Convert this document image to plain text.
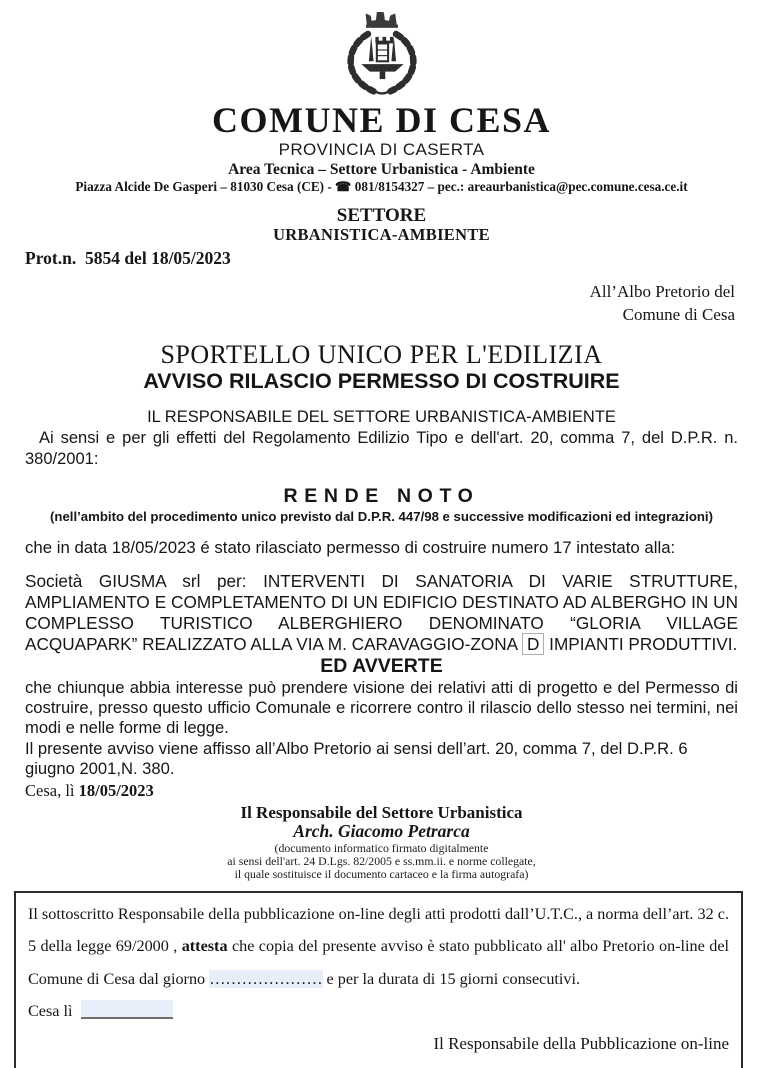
COMUNE DI CESA
PROVINCIA DI CASERTA
Area Tecnica – Settore Urbanistica - Ambiente
Piazza Alcide De Gasperi – 81030 Cesa (CE) - ☎ 081/8154327 – pec.: areaurbanistica@pec.comune.cesa.ce.it
SETTORE
URBANISTICA-AMBIENTE
Prot.n.  5854 del 18/05/2023
All’Albo Pretorio del
Comune di Cesa
SPORTELLO UNICO PER L'EDILIZIA
AVVISO RILASCIO PERMESSO DI COSTRUIRE
IL RESPONSABILE DEL SETTORE URBANISTICA-AMBIENTE
Ai sensi e per gli effetti del Regolamento Edilizio Tipo e dell'art. 20, comma 7, del D.P.R. n. 380/2001:
RENDE NOTO
(nell’ambito del procedimento unico previsto dal D.P.R. 447/98 e successive modificazioni ed integrazioni)
che in data 18/05/2023 é stato rilasciato permesso di costruire numero 17 intestato alla:
Società GIUSMA srl per: INTERVENTI DI SANATORIA DI VARIE STRUTTURE, AMPLIAMENTO E COMPLETAMENTO DI UN EDIFICIO DESTINATO AD ALBERGHO IN UN COMPLESSO TURISTICO ALBERGHIERO DENOMINATO “GLORIA VILLAGE ACQUAPARK” REALIZZATO ALLA VIA M. CARAVAGGIO-ZONA D IMPIANTI PRODUTTIVI.
ED AVVERTE
che chiunque abbia interesse può prendere visione dei relativi atti di progetto e del Permesso di costruire, presso questo ufficio Comunale e ricorrere contro il rilascio dello stesso nei termini, nei modi e nelle forme di legge.
Il presente avviso viene affisso all’Albo Pretorio ai sensi dell’art. 20, comma 7, del D.P.R. 6 giugno 2001,N. 380.
Cesa, lì 18/05/2023
Il Responsabile del Settore Urbanistica
Arch. Giacomo Petrarca
(documento informatico firmato digitalmente
ai sensi dell'art. 24 D.Lgs. 82/2005 e ss.mm.ii. e norme collegate,
il quale sostituisce il documento cartaceo e la firma autografa)
Il sottoscritto Responsabile della pubblicazione on-line degli atti prodotti dall’U.T.C., a norma dell’art. 32 c. 5 della legge 69/2000 , attesta che copia del presente avviso è stato pubblicato all' albo Pretorio on-line del Comune di Cesa dal giorno ………………… e per la durata di 15 giorni consecutivi.
Cesa lì
Il Responsabile della Pubblicazione on-line
